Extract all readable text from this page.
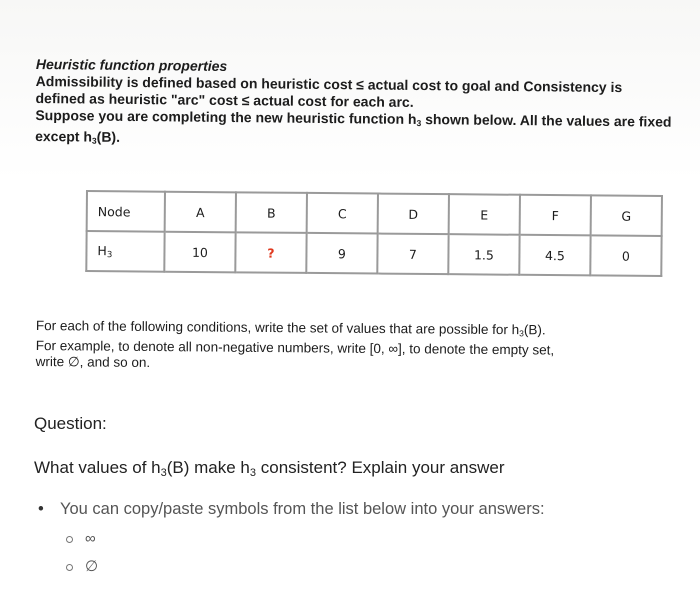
Heuristic function properties

Admissibility is defined based on heuristic cost ≤ actual cost to goal and Consistency is

defined as heuristic "arc" cost ≤ actual cost for each arc.

Suppose you are completing the new heuristic function $h_3$ shown below. All the values are fixed

except $h_3(B)$.

Node	A	B	C	D	E	F	G
$H_3$	10	?	9	7	1.5	4.5	0

For each of the following conditions, write the set of values that are possible for $h_3(B)$.

For example, to denote all non-negative numbers, write [0, ∞], to denote the empty set,

write ∅, and so on.

Question:
What values of h3(B) make h3 consistent? Explain your answer
• You can copy/paste symbols from the list below into your answers:
∞
∅
